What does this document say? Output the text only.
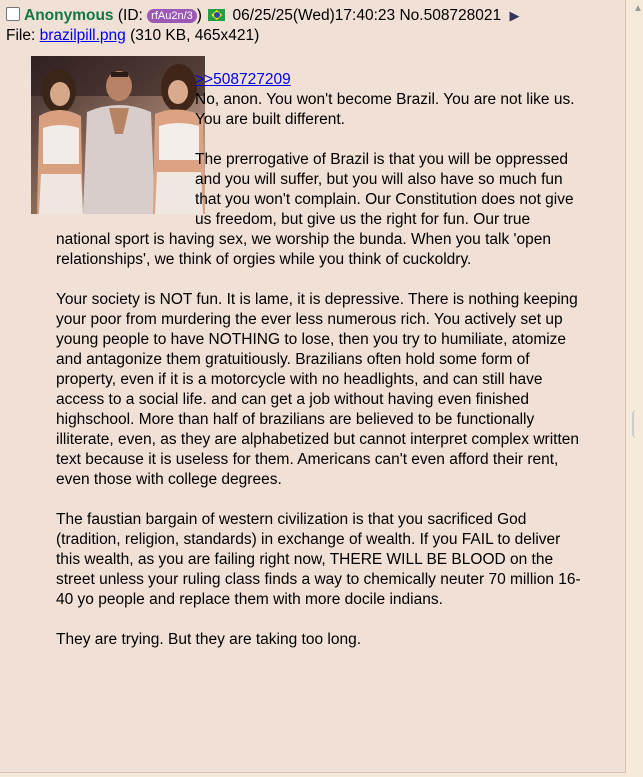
Anonymous (ID: rfAu2n/3 ) 06/25/25(Wed)17:40:23 No.508728021 ▶
File: brazilpill.png (310 KB, 465x421)

>>508727209

No, anon. You won't become Brazil. You are not like us. You are built different.

The prerrogative of Brazil is that you will be oppressed and you will suffer, but you will also have so much fun that you won't complain. Our Constitution does not give us freedom, but give us the right for fun. Our true national sport is having sex, we worship the bunda. When you talk 'open relationships', we think of orgies while you think of cuckoldry.

Your society is NOT fun. It is lame, it is depressive. There is nothing keeping your poor from murdering the ever less numerous rich. You actively set up young people to have NOTHING to lose, then you try to humiliate, atomize and antagonize them gratuitiously. Brazilians often hold some form of property, even if it is a motorcycle with no headlights, and can still have access to a social life. and can get a job without having even finished highschool. More than half of brazilians are believed to be functionally illiterate, even, as they are alphabetized but cannot interpret complex written text because it is useless for them. Americans can't even afford their rent, even those with college degrees.

The faustian bargain of western civilization is that you sacrificed God (tradition, religion, standards) in exchange of wealth. If you FAIL to deliver this wealth, as you are failing right now, THERE WILL BE BLOOD on the street unless your ruling class finds a way to chemically neuter 70 million 16-40 yo people and replace them with more docile indians.

They are trying. But they are taking too long.

▲
